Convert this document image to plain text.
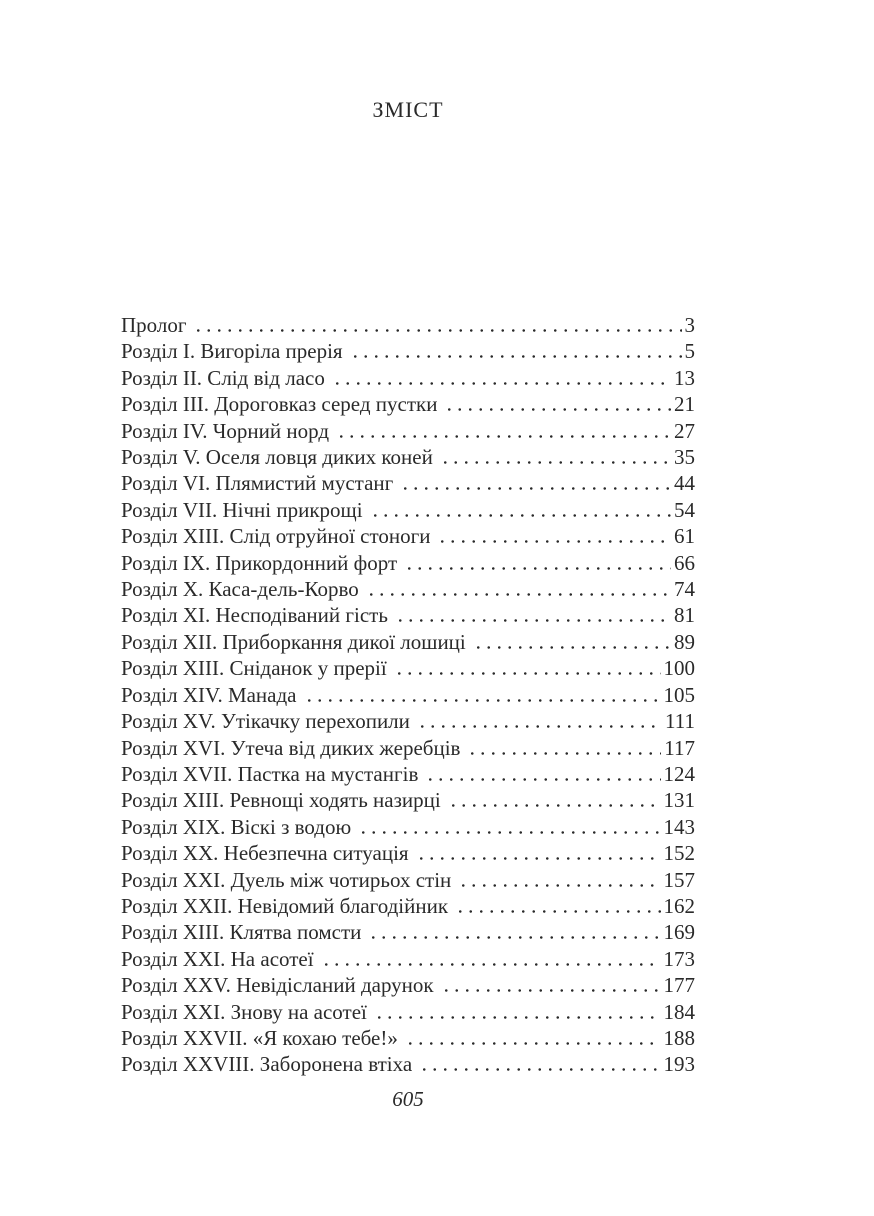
ЗМІСТ
Пролог	3
Розділ I. Вигоріла прерія	5
Розділ II. Слід від ласо	13
Розділ III. Дороговказ серед пустки	21
Розділ IV. Чорний норд	27
Розділ V. Оселя ловця диких коней	35
Розділ VI. Плямистий мустанг	44
Розділ VII. Нічні прикрощі	54
Розділ XIII. Слід отруйної стоноги	61
Розділ IX. Прикордонний форт	66
Розділ X. Каса-дель-Корво	74
Розділ XI. Несподіваний гість	81
Розділ XII. Приборкання дикої лошиці	89
Розділ XIII. Сніданок у прерії	100
Розділ XIV. Манада	105
Розділ XV. Утікачку перехопили	111
Розділ XVI. Утеча від диких жеребців	117
Розділ XVII. Пастка на мустангів	124
Розділ XIII. Ревнощі ходять назирці	131
Розділ XIX. Віскі з водою	143
Розділ XX. Небезпечна ситуація	152
Розділ XXI. Дуель між чотирьох стін	157
Розділ XXII. Невідомий благодійник	162
Розділ XIII. Клятва помсти	169
Розділ XXI. На асотеї	173
Розділ XXV. Невідісланий дарунок	177
Розділ XXI. Знову на асотеї	184
Розділ XXVII. «Я кохаю тебе!»	188
Розділ XXVIII. Заборонена втіха	193
605
